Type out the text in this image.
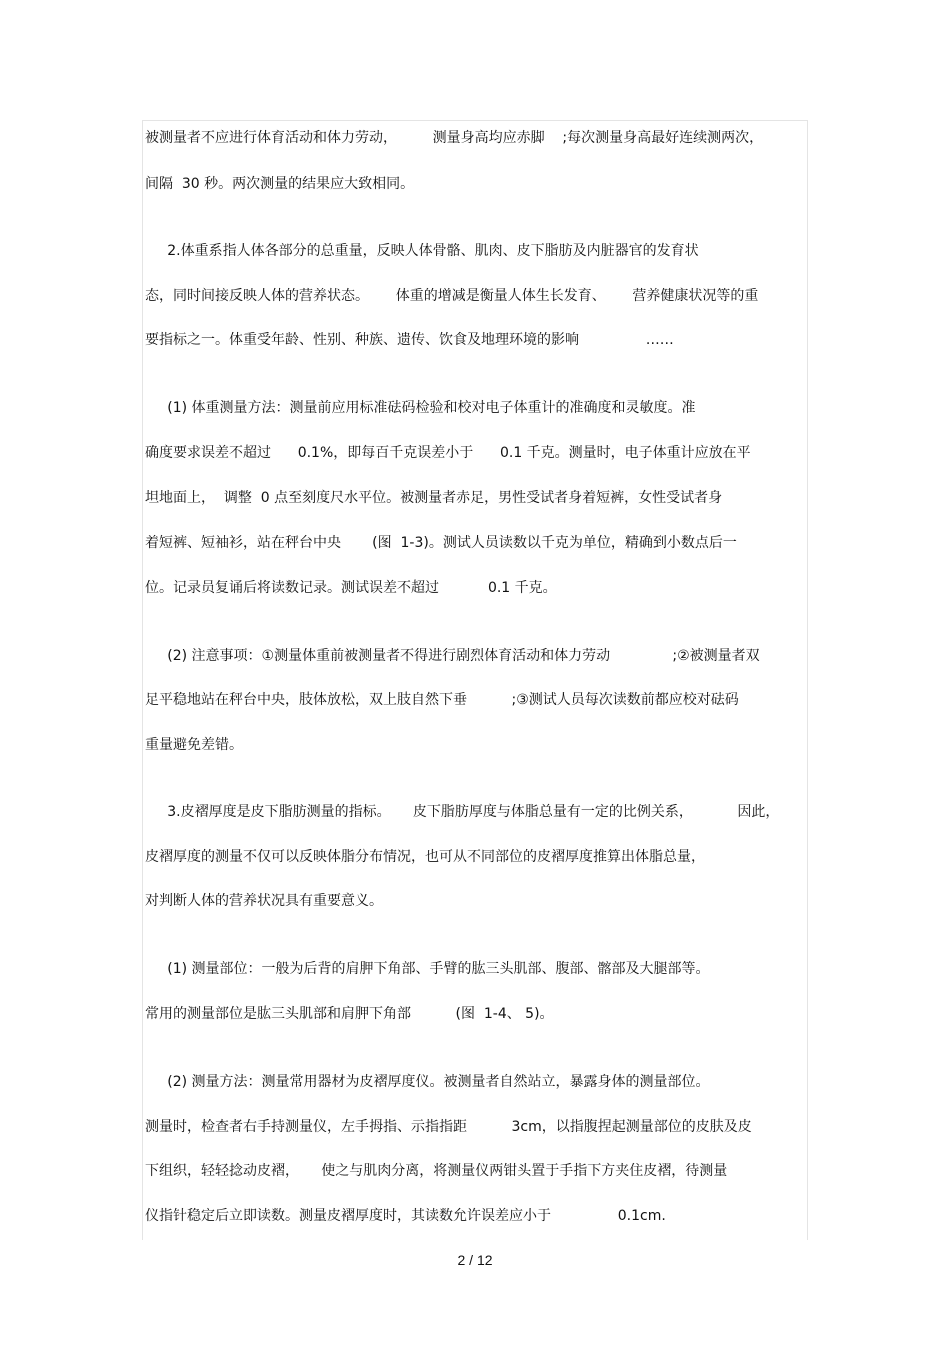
被测量者不应进行体育活动和体力劳动，        测量身高均应赤脚    ;每次测量身高最好连续测两次，
间隔  30 秒。两次测量的结果应大致相同。
2.体重系指人体各部分的总重量，反映人体骨骼、肌肉、皮下脂肪及内脏器官的发育状
态，同时间接反映人体的营养状态。      体重的增减是衡量人体生长发育、      营养健康状况等的重
要指标之一。体重受年龄、性别、种族、遗传、饮食及地理环境的影响               ……
(1) 体重测量方法：测量前应用标准砝码检验和校对电子体重计的准确度和灵敏度。准
确度要求误差不超过      0.1%，即每百千克误差小于      0.1 千克。测量时，电子体重计应放在平
坦地面上，  调整  0 点至刻度尺水平位。被测量者赤足，男性受试者身着短裤，女性受试者身
着短裤、短袖衫，站在秤台中央       (图  1-3)。测试人员读数以千克为单位，精确到小数点后一
位。记录员复诵后将读数记录。测试误差不超过           0.1 千克。
(2) 注意事项：①测量体重前被测量者不得进行剧烈体育活动和体力劳动              ;②被测量者双
足平稳地站在秤台中央，肢体放松，双上肢自然下垂          ;③测试人员每次读数前都应校对砝码
重量避免差错。
3.皮褶厚度是皮下脂肪测量的指标。     皮下脂肪厚度与体脂总量有一定的比例关系，          因此，
皮褶厚度的测量不仅可以反映体脂分布情况，也可从不同部位的皮褶厚度推算出体脂总量，
对判断人体的营养状况具有重要意义。
(1) 测量部位：一般为后背的肩胛下角部、手臂的肱三头肌部、腹部、髂部及大腿部等。
常用的测量部位是肱三头肌部和肩胛下角部          (图  1-4、 5)。
(2) 测量方法：测量常用器材为皮褶厚度仪。被测量者自然站立，暴露身体的测量部位。
测量时，检查者右手持测量仪，左手拇指、示指指距          3cm，以指腹捏起测量部位的皮肤及皮
下组织，轻轻捻动皮褶，     使之与肌肉分离，将测量仪两钳头置于手指下方夹住皮褶，待测量
仪指针稳定后立即读数。测量皮褶厚度时，其读数允许误差应小于               0.1cm.
2 / 12
